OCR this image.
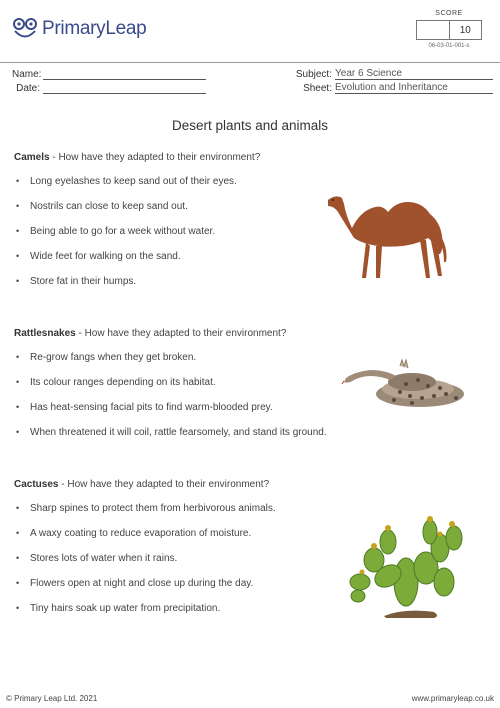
PrimaryLeap
SCORE
10
06-03-01-001-s
Name:
Date:
Subject: Year 6 Science
Sheet: Evolution and Inheritance
Desert plants and animals
Camels - How have they adapted to their environment?
• Long eyelashes to keep sand out of their eyes.
• Nostrils can close to keep sand out.
• Being able to go for a week without water.
• Wide feet for walking on the sand.
• Store fat in their humps.
Rattlesnakes - How have they adapted to their environment?
• Re-grow fangs when they get broken.
• Its colour ranges depending on its habitat.
• Has heat-sensing facial pits to find warm-blooded prey.
• When threatened it will coil, rattle fearsomely, and stand its ground.
Cactuses - How have they adapted to their environment?
• Sharp spines to protect them from herbivorous animals.
• A waxy coating to reduce evaporation of moisture.
• Stores lots of water when it rains.
• Flowers open at night and close up during the day.
• Tiny hairs soak up water from precipitation.
© Primary Leap Ltd. 2021	www.primaryleap.co.uk
